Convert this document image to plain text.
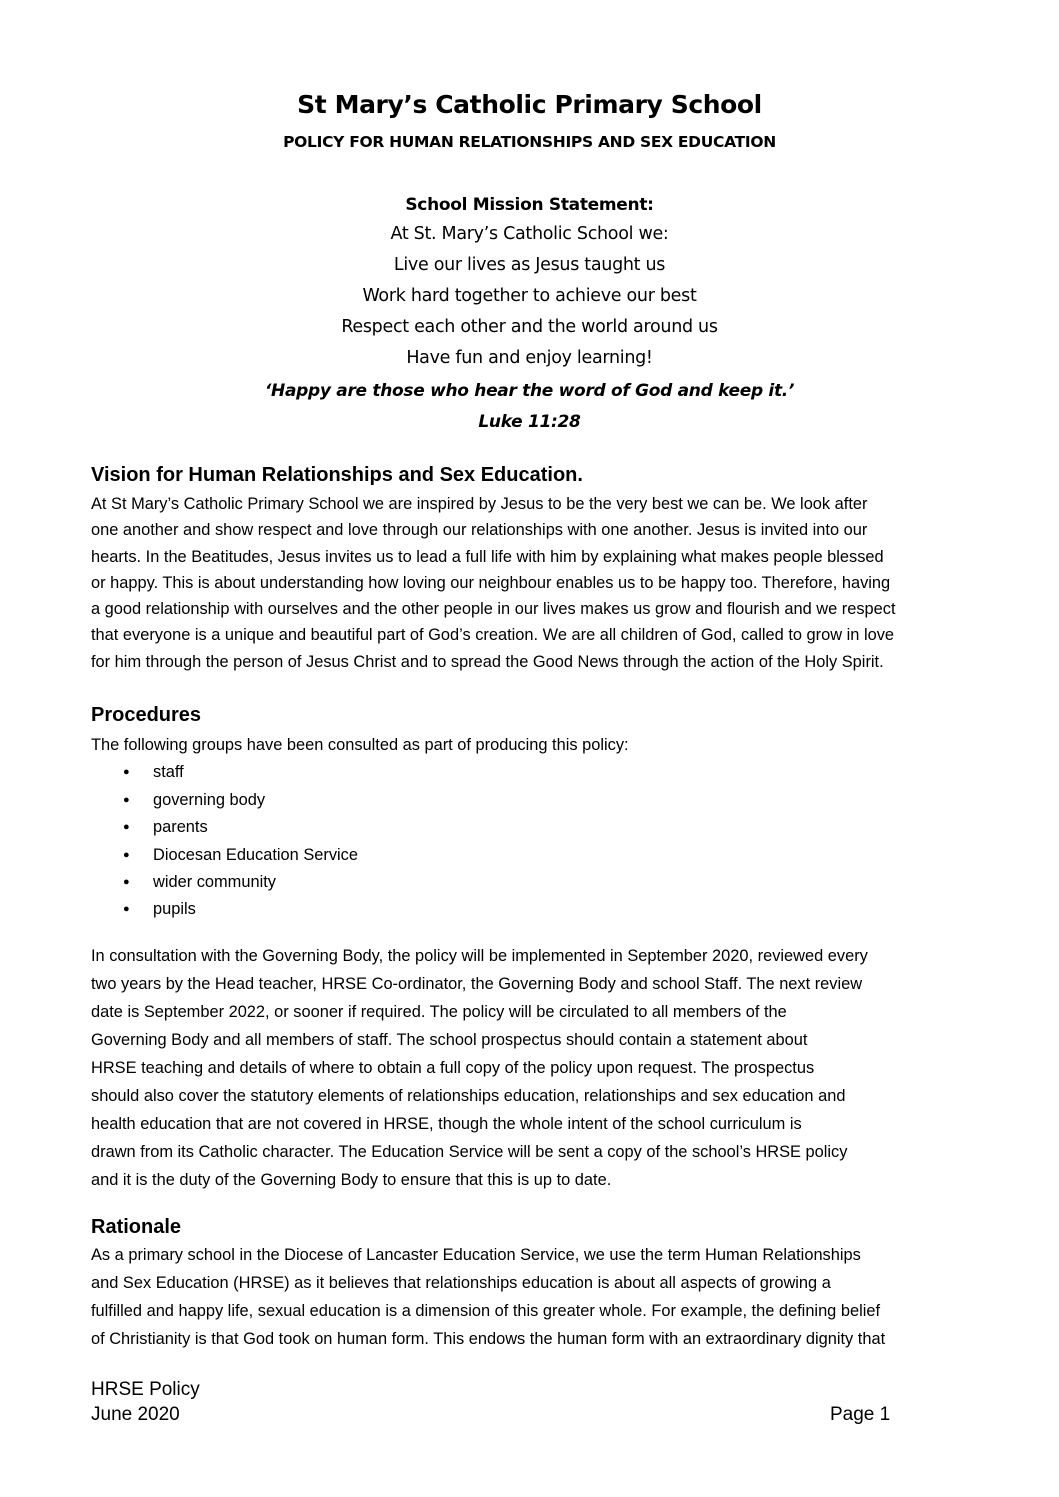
St Mary’s Catholic Primary School
POLICY FOR HUMAN RELATIONSHIPS AND SEX EDUCATION
School Mission Statement:
At St. Mary’s Catholic School we:
Live our lives as Jesus taught us
Work hard together to achieve our best
Respect each other and the world around us
Have fun and enjoy learning!
‘Happy are those who hear the word of God and keep it.’
Luke 11:28
Vision for Human Relationships and Sex Education.

At St Mary’s Catholic Primary School we are inspired by Jesus to be the very best we can be. We look after

one another and show respect and love through our relationships with one another. Jesus is invited into our

hearts. In the Beatitudes, Jesus invites us to lead a full life with him by explaining what makes people blessed

or happy. This is about understanding how loving our neighbour enables us to be happy too. Therefore, having

a good relationship with ourselves and the other people in our lives makes us grow and flourish and we respect

that everyone is a unique and beautiful part of God’s creation. We are all children of God, called to grow in love

for him through the person of Jesus Christ and to spread the Good News through the action of the Holy Spirit.

Procedures

The following groups have been consulted as part of producing this policy:

● staff
● governing body
● parents
● Diocesan Education Service
● wider community
● pupils

In consultation with the Governing Body, the policy will be implemented in September 2020, reviewed every

two years by the Head teacher, HRSE Co-ordinator, the Governing Body and school Staff. The next review

date is September 2022, or sooner if required. The policy will be circulated to all members of the

Governing Body and all members of staff. The school prospectus should contain a statement about

HRSE teaching and details of where to obtain a full copy of the policy upon request. The prospectus

should also cover the statutory elements of relationships education, relationships and sex education and

health education that are not covered in HRSE, though the whole intent of the school curriculum is

drawn from its Catholic character. The Education Service will be sent a copy of the school’s HRSE policy

and it is the duty of the Governing Body to ensure that this is up to date.

Rationale

As a primary school in the Diocese of Lancaster Education Service, we use the term Human Relationships

and Sex Education (HRSE) as it believes that relationships education is about all aspects of growing a

fulfilled and happy life, sexual education is a dimension of this greater whole. For example, the defining belief

of Christianity is that God took on human form. This endows the human form with an extraordinary dignity that

HRSE Policy
June 2020	Page 1
